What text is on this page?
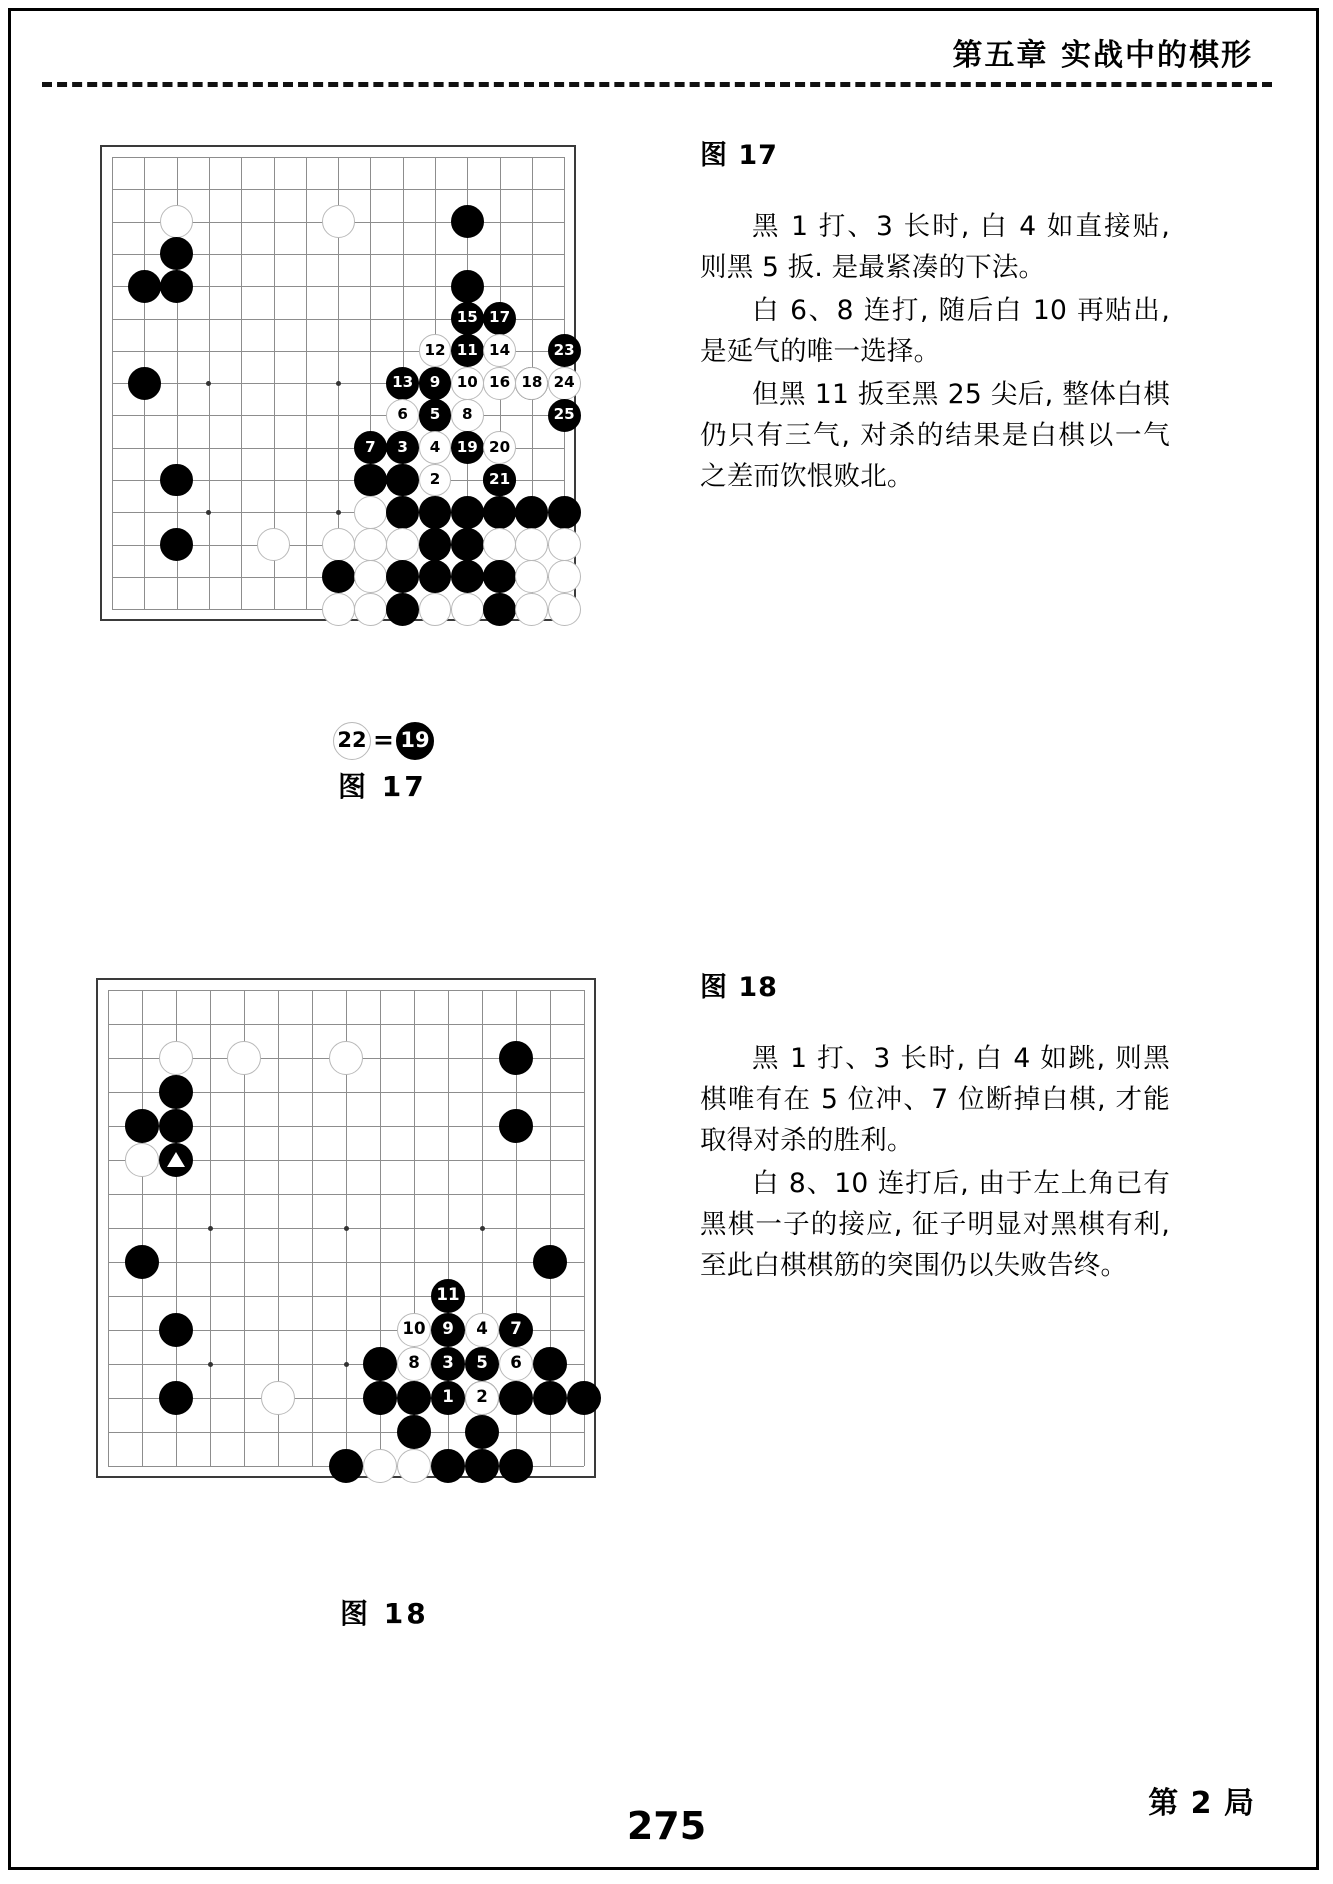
第五章 实战中的棋形
15 17
12 11 14	23
13 9 10 16 18 24
6 5 8	25
7 3 4 19 20
2	21
22 = 19
图 17
图 17

黑 1 打、3 长时, 白 4 如直接贴, 则黑 5 扳. 是最紧凑的下法。

白 6、8 连打, 随后白 10 再贴出, 是延气的唯一选择。

但黑 11 扳至黑 25 尖后, 整体白棋仍只有三气, 对杀的结果是白棋以一气之差而饮恨败北。

11
10 9 4 7
8 3 5 6
1 2
图 18
图 18

黑 1 打、3 长时, 白 4 如跳, 则黑棋唯有在 5 位冲、7 位断掉白棋, 才能取得对杀的胜利。

白 8、10 连打后, 由于左上角已有黑棋一子的接应, 征子明显对黑棋有利, 至此白棋棋筋的突围仍以失败告终。

275
第 2 局
